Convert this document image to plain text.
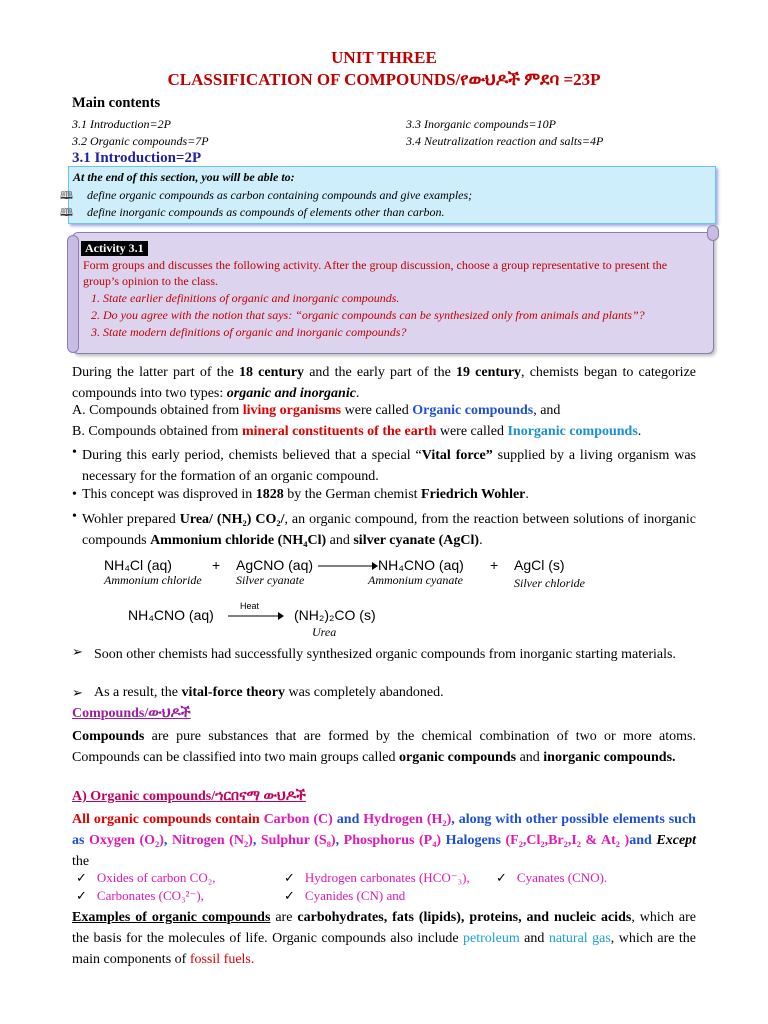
UNIT THREE
CLASSIFICATION OF COMPOUNDS/የውህዶች ምደባ =23P
Main contents
3.1 Introduction=2P	3.3 Inorganic compounds=10P
3.2 Organic compounds=7P	3.4 Neutralization reaction and salts=4P
3.1 Introduction=2P
At the end of this section, you will be able to:
define organic compounds as carbon containing compounds and give examples;
define inorganic compounds as compounds of elements other than carbon.
🕮
🕮
Activity 3.1
Form groups and discusses the following activity. After the group discussion, choose a group representative to present the group’s opinion to the class.
1. State earlier definitions of organic and inorganic compounds.
2. Do you agree with the notion that says: “organic compounds can be synthesized only from animals and plants”?
3. State modern definitions of organic and inorganic compounds?
During the latter part of the 18 century and the early part of the 19 century, chemists began to categorize compounds into two types: organic and inorganic.
A. Compounds obtained from living organisms were called Organic compounds, and
B. Compounds obtained from mineral constituents of the earth were called Inorganic compounds.
• During this early period, chemists believed that a special “Vital force” supplied by a living organism was necessary for the formation of an organic compound.
• This concept was disproved in 1828 by the German chemist Friedrich Wohler.
• Wohler prepared Urea/ (NH₂) CO₂/, an organic compound, from the reaction between solutions of inorganic compounds Ammonium chloride (NH₄Cl) and silver cyanate (AgCl).
NH₄Cl (aq)
Ammonium chloride
+ AgCNO (aq)
Silver cyanate
→ NH₄CNO (aq)
Ammonium cyanate
+ AgCl (s)
Silver chloride
NH₄CNO (aq)
Heat
→ (NH₂)₂CO (s)
Urea
➢ Soon other chemists had successfully synthesized organic compounds from inorganic starting materials.
➢ As a result, the vital-force theory was completely abandoned.
Compounds/ውህዶች
Compounds are pure substances that are formed by the chemical combination of two or more atoms. Compounds can be classified into two main groups called organic compounds and inorganic compounds.
A) Organic compounds/ኀርበናማ ውህዶች
All organic compounds contain Carbon (C) and Hydrogen (H₂), along with other possible elements such as Oxygen (O₂), Nitrogen (N₂), Sulphur (S₈), Phosphorus (P₄) Halogens (F₂,Cl₂,Br₂,I₂ & At₂ )and Except the
✓ Oxides of carbon CO₂,	✓ Hydrogen carbonates (HCO⁻₃), ✓ Cyanates (CNO).
✓ Carbonates (CO₃²⁻),	✓ Cyanides (CN) and
Examples of organic compounds are carbohydrates, fats (lipids), proteins, and nucleic acids, which are the basis for the molecules of life. Organic compounds also include petroleum and natural gas, which are the main components of fossil fuels.
